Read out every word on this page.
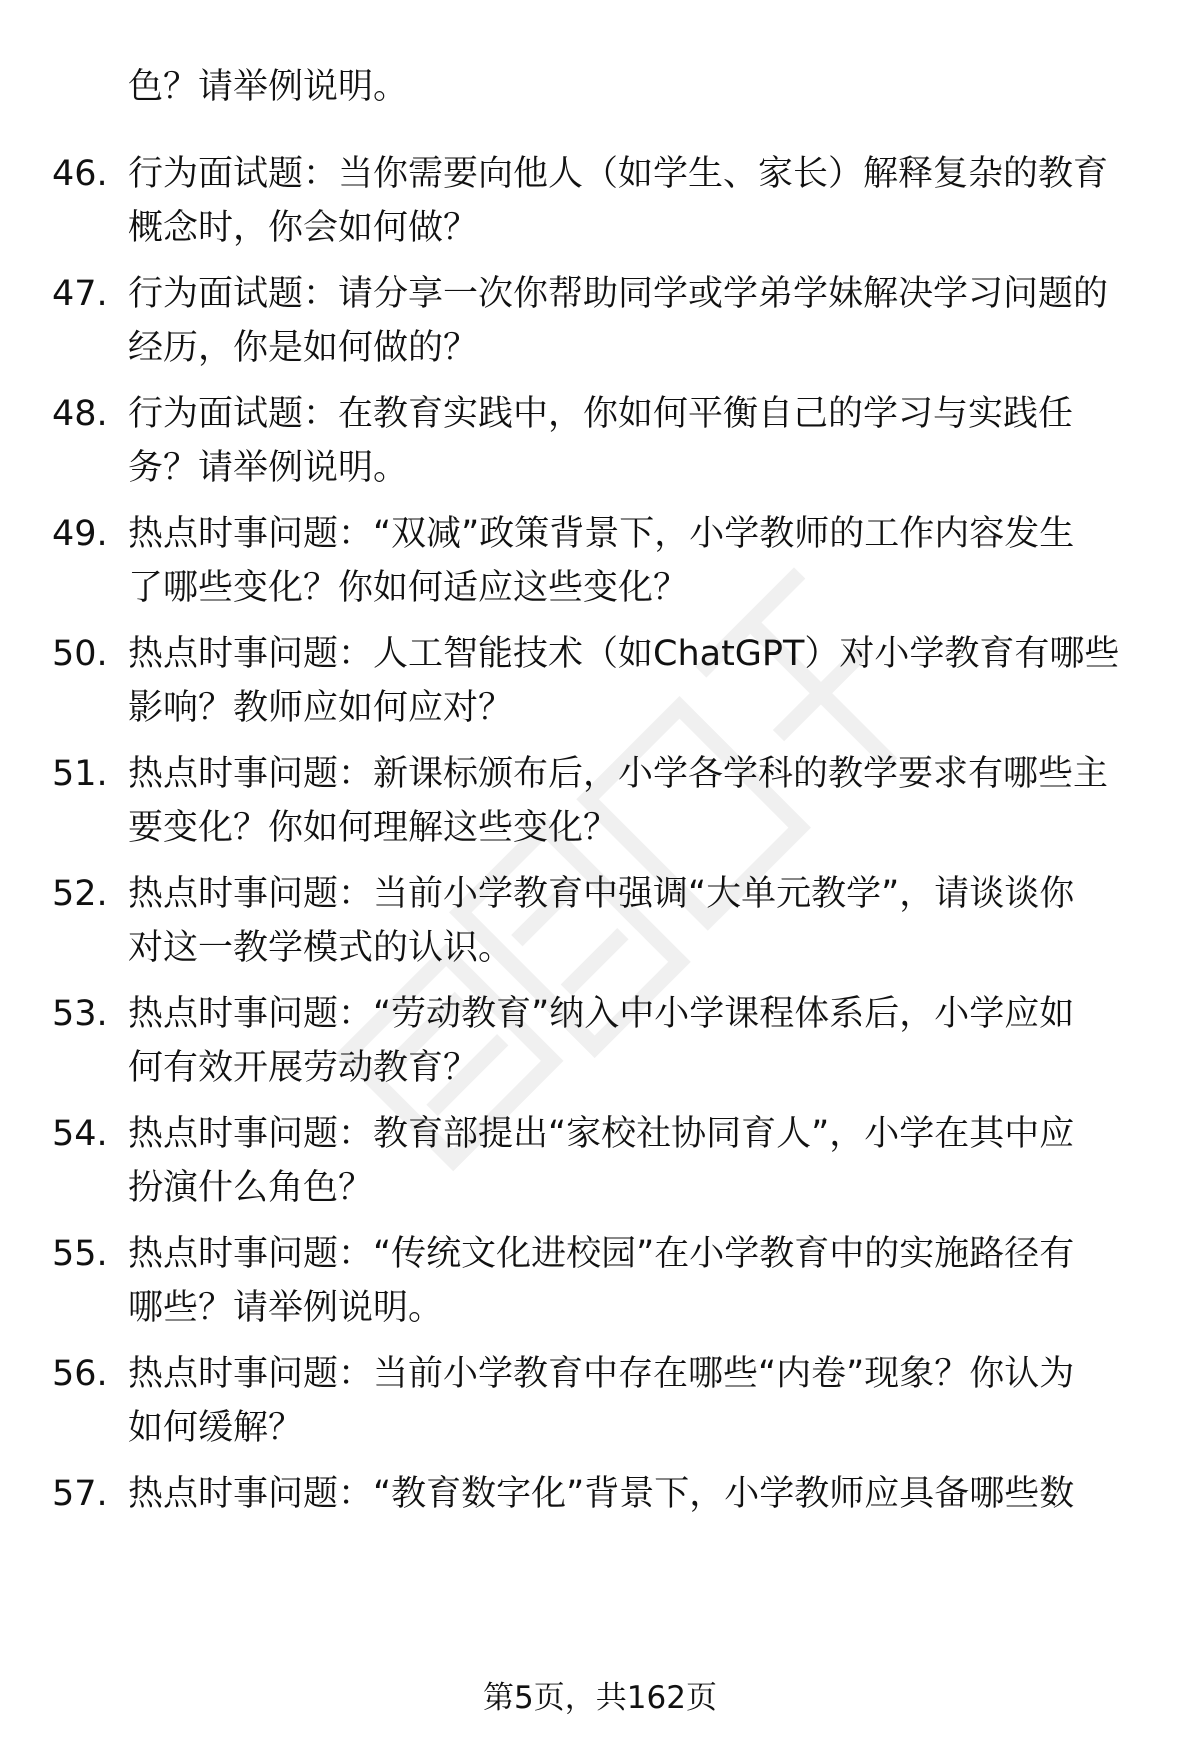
色？请举例说明。
46. 行为面试题：当你需要向他人（如学生、家长）解释复杂的教育
概念时，你会如何做？
47. 行为面试题：请分享一次你帮助同学或学弟学妹解决学习问题的
经历，你是如何做的？
48. 行为面试题：在教育实践中，你如何平衡自己的学习与实践任
务？请举例说明。
49. 热点时事问题：“双减”政策背景下，小学教师的工作内容发生
了哪些变化？你如何适应这些变化？
50. 热点时事问题：人工智能技术（如ChatGPT）对小学教育有哪些
影响？教师应如何应对？
51. 热点时事问题：新课标颁布后，小学各学科的教学要求有哪些主
要变化？你如何理解这些变化？
52. 热点时事问题：当前小学教育中强调“大单元教学”，请谈谈你
对这一教学模式的认识。
53. 热点时事问题：“劳动教育”纳入中小学课程体系后，小学应如
何有效开展劳动教育？
54. 热点时事问题：教育部提出“家校社协同育人”，小学在其中应
扮演什么角色？
55. 热点时事问题：“传统文化进校园”在小学教育中的实施路径有
哪些？请举例说明。
56. 热点时事问题：当前小学教育中存在哪些“内卷”现象？你认为
如何缓解？
57. 热点时事问题：“教育数字化”背景下，小学教师应具备哪些数
第5页，共162页
